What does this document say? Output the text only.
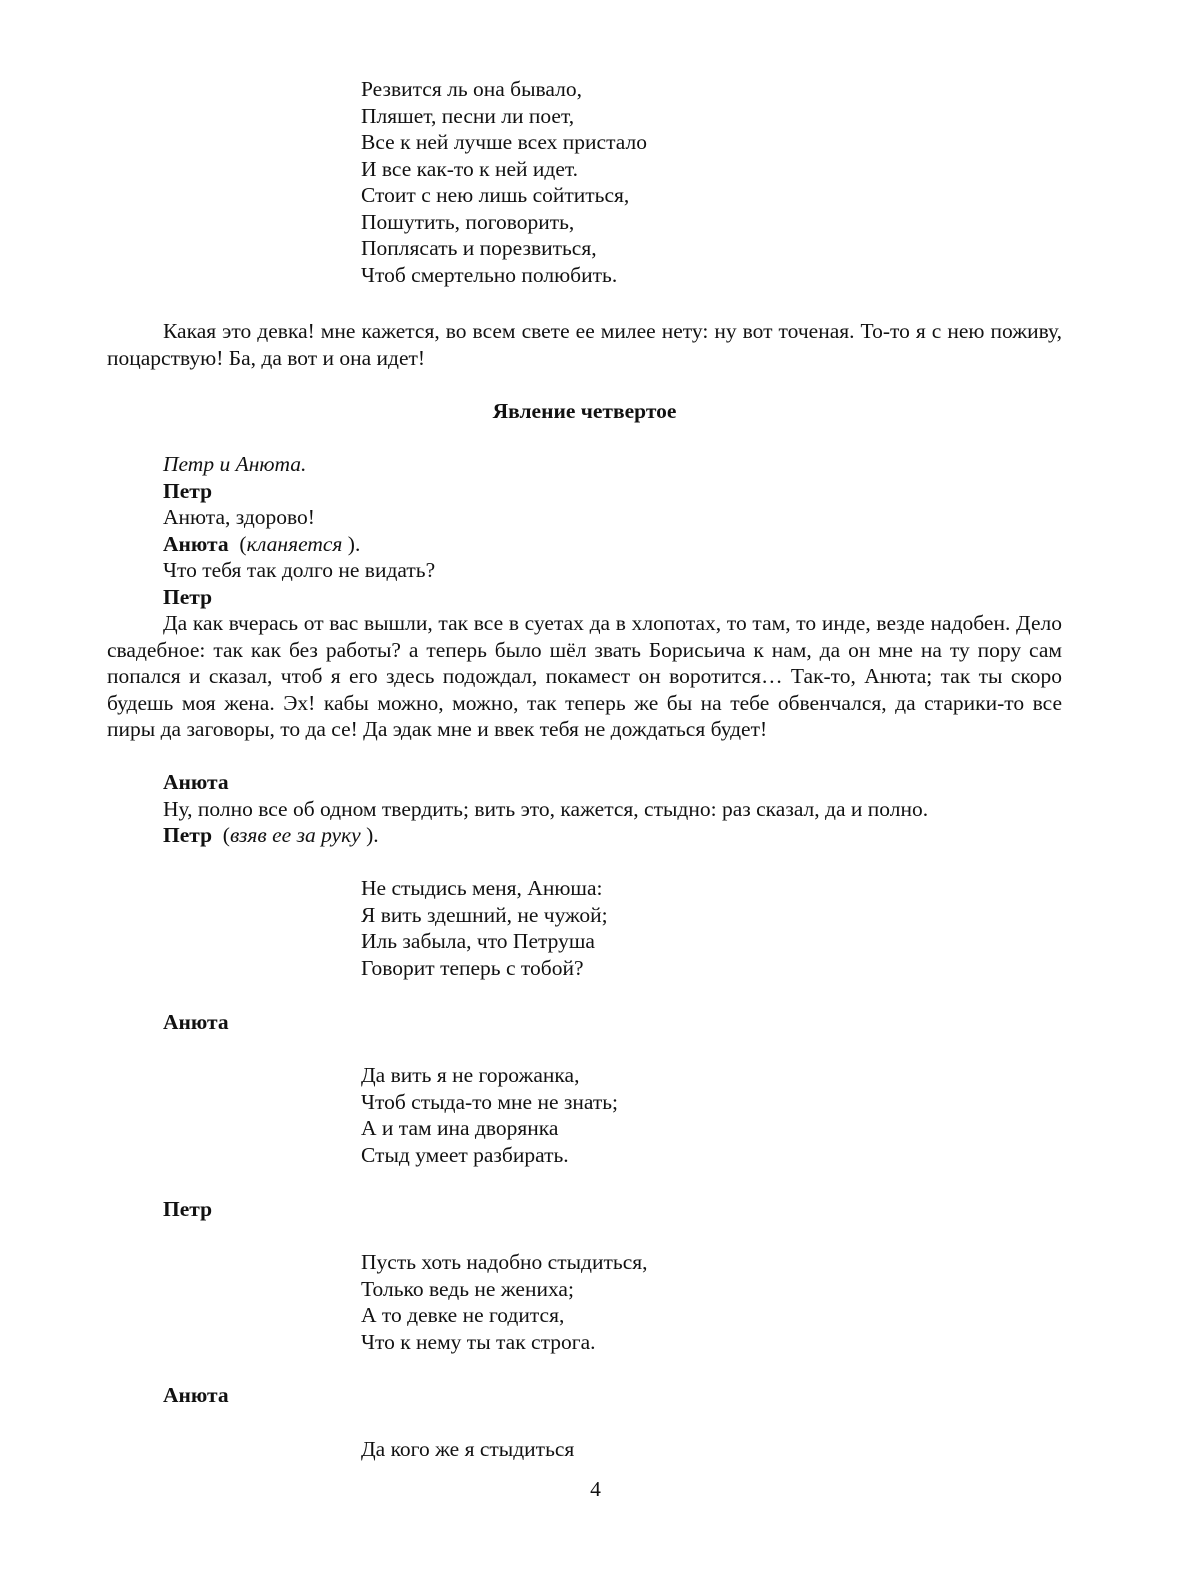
Резвится ль она бывало,
Пляшет, песни ли поет,
Все к ней лучше всех пристало
И все как-то к ней идет.
Стоит с нею лишь сойтиться,
Пошутить, поговорить,
Поплясать и порезвиться,
Чтоб смертельно полюбить.

Какая это девка! мне кажется, во всем свете ее милее нету: ну вот точеная. То-то я с нею поживу, поцарствую! Ба, да вот и она идет!

Явление четвертое
Петр и Анюта.
Петр
Анюта, здорово!
Анюта (кланяется ).
Что тебя так долго не видать?
Петр

Да как вчерась от вас вышли, так все в суетах да в хлопотах, то там, то инде, везде надобен. Дело свадебное: так как без работы? а теперь было шёл звать Борисьича к нам, да он мне на ту пору сам попался и сказал, чтоб я его здесь подождал, покамест он воротится… Так-то, Анюта; так ты скоро будешь моя жена. Эх! кабы можно, можно, так теперь же бы на тебе обвенчался, да старики-то все пиры да заговоры, то да се! Да эдак мне и ввек тебя не дождаться будет!

Анюта
Ну, полно все об одном твердить; вить это, кажется, стыдно: раз сказал, да и полно.
Петр (взяв ее за руку ).
Не стыдись меня, Анюша:
Я вить здешний, не чужой;
Иль забыла, что Петруша
Говорит теперь с тобой?
Анюта
Да вить я не горожанка,
Чтоб стыда-то мне не знать;
А и там ина дворянка
Стыд умеет разбирать.
Петр
Пусть хоть надобно стыдиться,
Только ведь не жениха;
А то девке не годится,
Что к нему ты так строга.
Анюта
Да кого же я стыдиться
4
